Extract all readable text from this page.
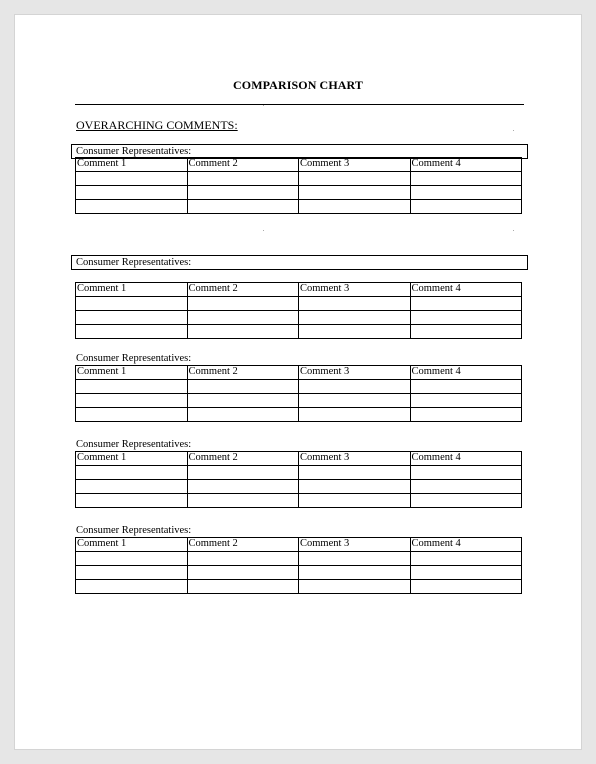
COMPARISON CHART
OVERARCHING COMMENTS:
Consumer Representatives:
Comment 1	Comment 2	Comment 3	Comment 4

Consumer Representatives:
Comment 1	Comment 2	Comment 3	Comment 4

Consumer Representatives:
Comment 1	Comment 2	Comment 3	Comment 4

Consumer Representatives:
Comment 1	Comment 2	Comment 3	Comment 4

Consumer Representatives:
Comment 1	Comment 2	Comment 3	Comment 4
